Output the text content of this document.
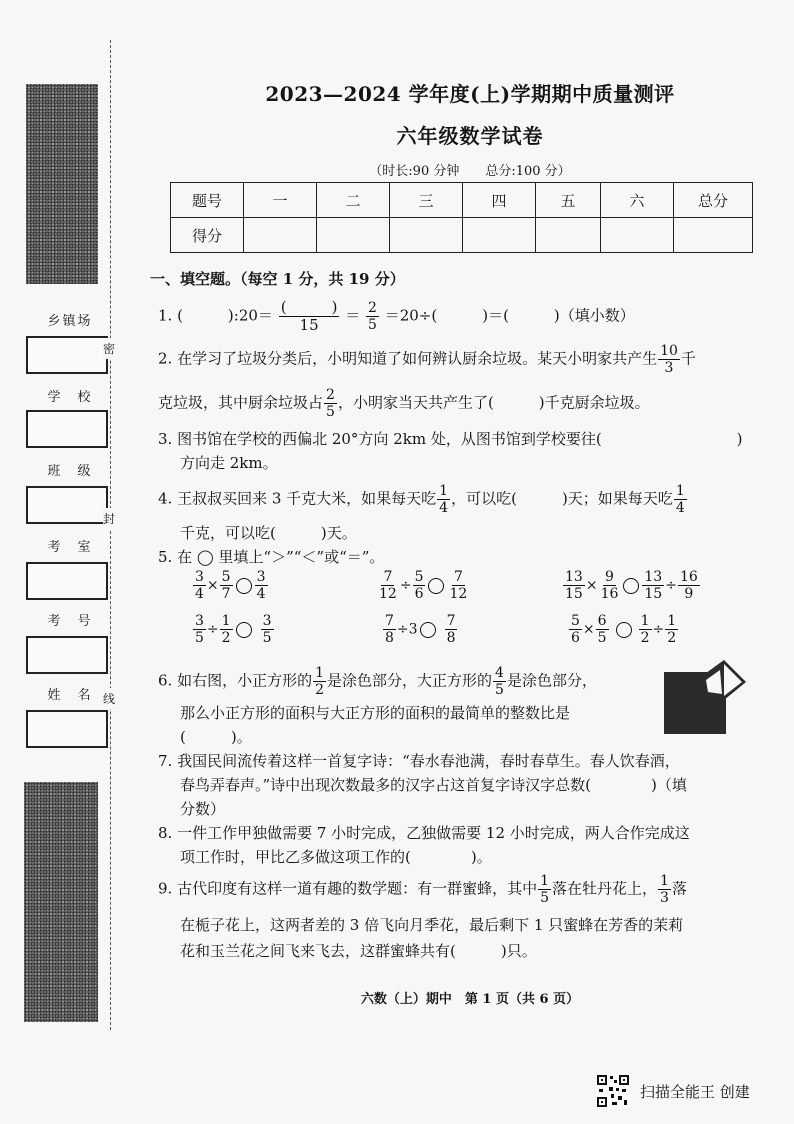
乡镇场
学　校
班　级
考　室
考　号
姓　名
密
封
线
2023—2024 学年度(上)学期期中质量测评
六年级数学试卷
（时长:90 分钟　　总分:100 分）
题号	一	二	三	四	五	六	总分
得分							
一、填空题。（每空 1 分，共 19 分）
1. (　　　):20＝ $\frac{( )}{15} = \frac{2}{5} =20\div$(　　　)＝(　　　)（填小数）
2. 在学习了垃圾分类后，小明知道了如何辨认厨余垃圾。某天小明家共产生 $\frac{10}{3}$ 千
克垃圾，其中厨余垃圾占 $\frac{2}{5}$ ，小明家当天共产生了(　　　)千克厨余垃圾。
3. 图书馆在学校的西偏北 20°方向 2km 处，从图书馆到学校要往(　　　　　　　　　)
方向走 2km。
4. 王叔叔买回来 3 千克大米，如果每天吃 $\frac{1}{4}$ ，可以吃(　　　)天；如果每天吃 $\frac{1}{4}$
千克，可以吃(　　　)天。
5. 在 ◯ 里填上“＞”“＜”或“＝”。
$\frac{3}{4} \times \frac{5}{7} \frac{3}{4}$	$\frac{7}{12} \div \frac{5}{6} \frac{7}{12}$	$\frac{13}{15} \times \frac{9}{16} \frac{13}{15} \div \frac{16}{9}$
$\frac{3}{5} \div \frac{1}{2} \frac{3}{5}$	$\frac{7}{8} \div 3 \frac{7}{8}$	$\frac{5}{6} \times \frac{6}{5} \frac{1}{2} \div \frac{1}{2}$
6. 如右图，小正方形的 $\frac{1}{2}$ 是涂色部分，大正方形的 $\frac{4}{5}$ 是涂色部分，
那么小正方形的面积与大正方形的面积的最简单的整数比是
(　　　)。
7. 我国民间流传着这样一首复字诗：“春水春池满，春时春草生。春人饮春酒，
春鸟弄春声。”诗中出现次数最多的汉字占这首复字诗汉字总数(　　　　)（填
分数）
8. 一件工作甲独做需要 7 小时完成，乙独做需要 12 小时完成，两人合作完成这
项工作时，甲比乙多做这项工作的(　　　　)。
9. 古代印度有这样一道有趣的数学题：有一群蜜蜂，其中 $\frac{1}{5}$ 落在牡丹花上， $\frac{1}{3}$ 落
在栀子花上，这两者差的 3 倍飞向月季花，最后剩下 1 只蜜蜂在芳香的茉莉
花和玉兰花之间飞来飞去，这群蜜蜂共有(　　　)只。
六数（上）期中　第 1 页（共 6 页）
扫描全能王 创建
